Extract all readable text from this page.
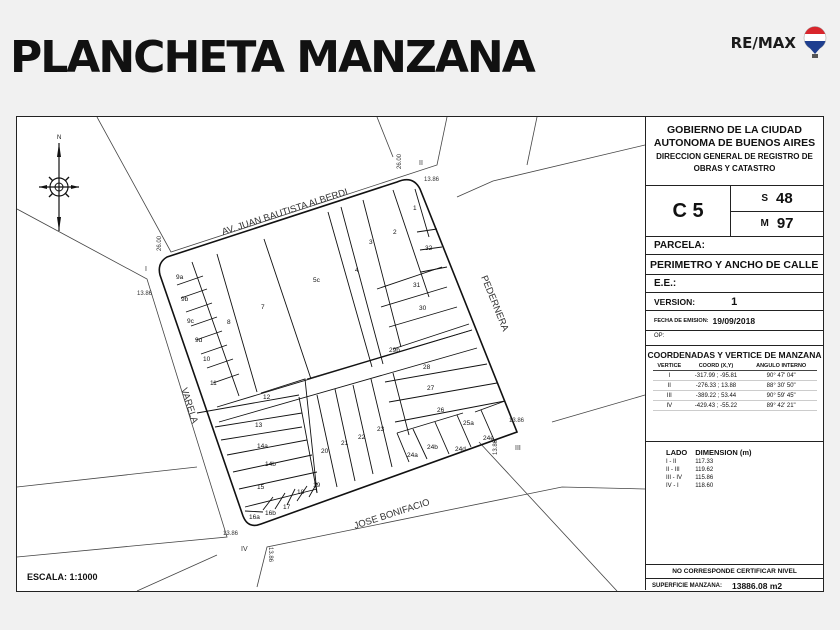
PLANCHETA MANZANA	RE/MAX
AV. JUAN BAUTISTA ALBERDI
PEDERNERA
VARELA
JOSE BONIFACIO
I
II
III
IV
26.00
13.86
26.00
13.86
13.86
13.86
13.86
13.86
1
2
3
4
5c
7
8
9a
9b
9c
9d
10
11
12
13
14a
14b
15
16a
16b
17
18
19
20
21
22
23
24a
24b	24d
24e
25a
26
27
28
29b
30
31
32
N
ESCALA: 1:1000
GOBIERNO DE LA CIUDAD
AUTONOMA DE BUENOS AIRES
DIRECCION GENERAL DE REGISTRO DE
OBRAS Y CATASTRO
C 5
S 48
M 97
PARCELA:
PERIMETRO Y ANCHO DE CALLE
E.E.:
VERSION:	1
FECHA DE EMISION: 19/09/2018
OP:
COORDENADAS Y VERTICE DE MANZANA
VERTICE	COORD (X,Y)	ANGULO INTERNO
I	-317.99 ; -95.81	90° 47' 04"
II	-276.33 ; 13.88	88° 30' 50"
III	-389.22 ; 53.44	90° 59' 45"
IV	-429.43 ; -55.22	89° 42' 21"
LADO	DIMENSION (m)
I - II	117.33
II - III	119.62
III - IV	115.86
IV - I	118.60
NO CORRESPONDE CERTIFICAR NIVEL
SUPERFICIE MANZANA: 13886.08 m2
